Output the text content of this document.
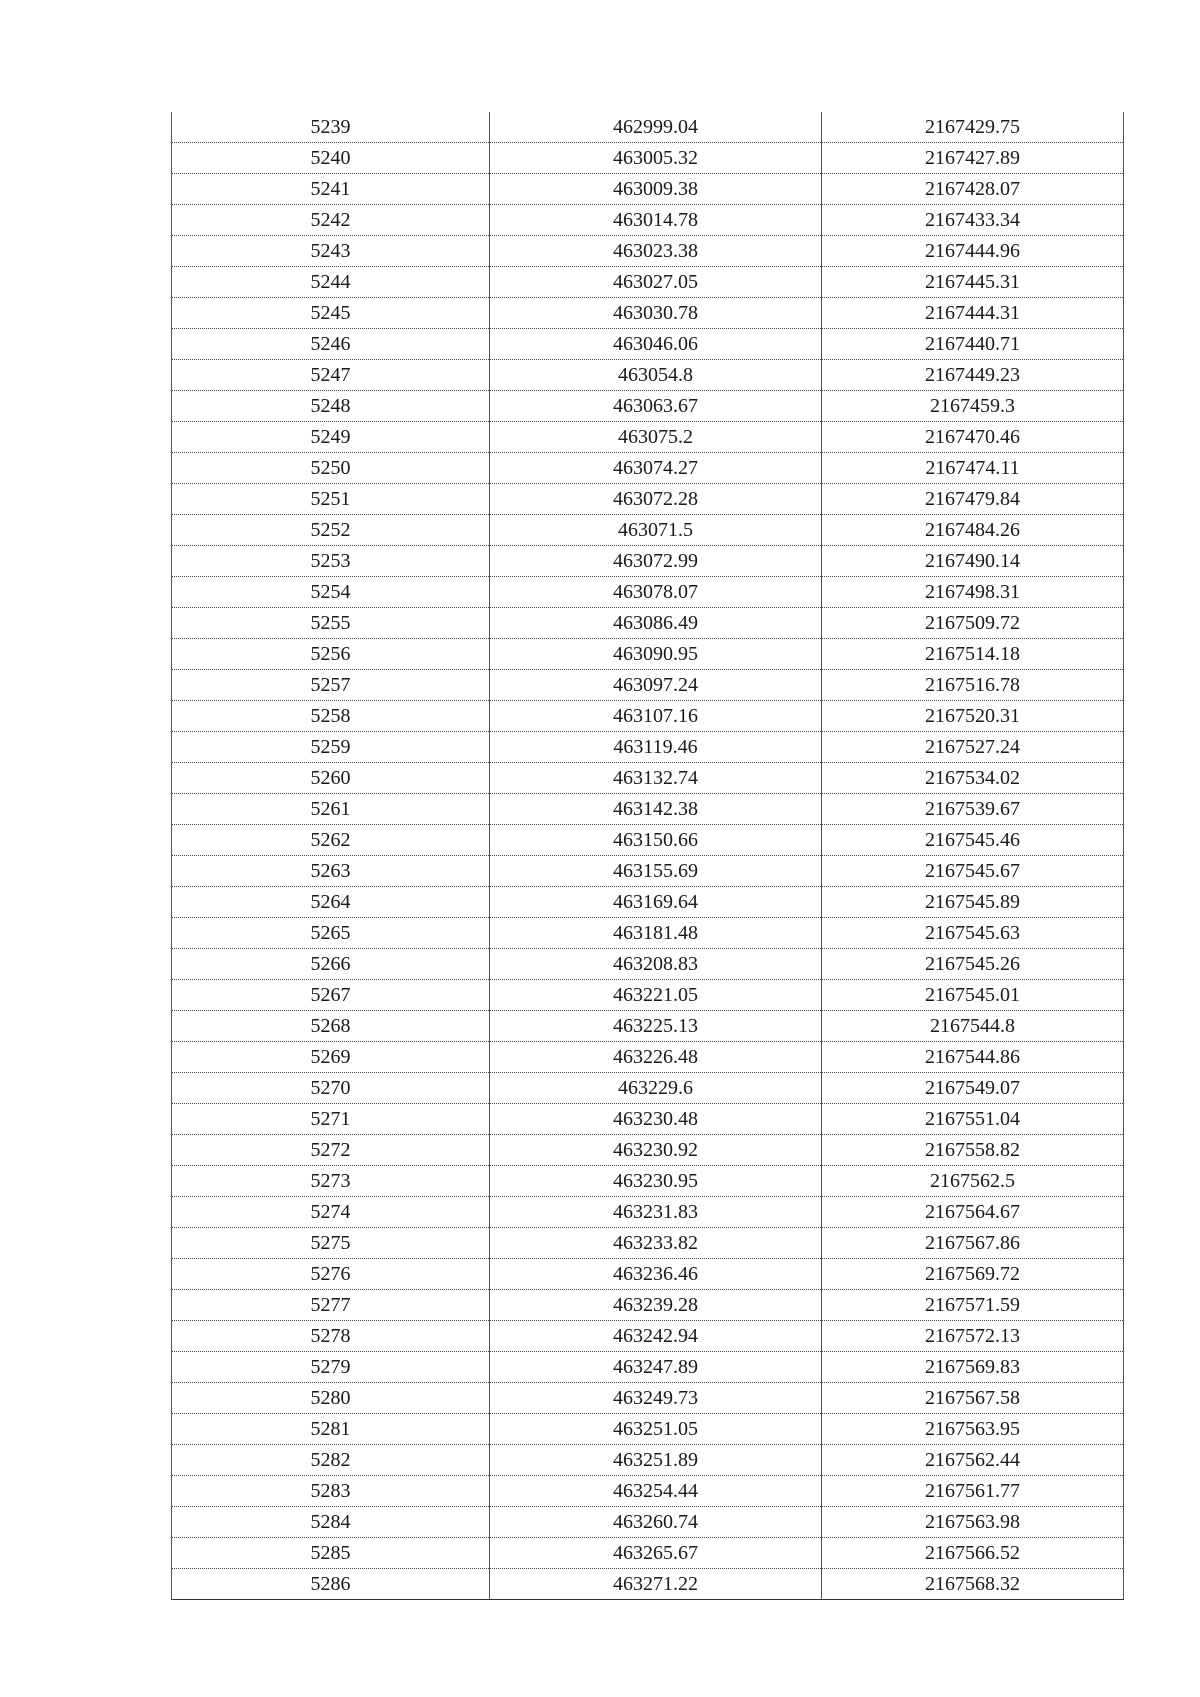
5239	462999.04	2167429.75
5240	463005.32	2167427.89
5241	463009.38	2167428.07
5242	463014.78	2167433.34
5243	463023.38	2167444.96
5244	463027.05	2167445.31
5245	463030.78	2167444.31
5246	463046.06	2167440.71
5247	463054.8	2167449.23
5248	463063.67	2167459.3
5249	463075.2	2167470.46
5250	463074.27	2167474.11
5251	463072.28	2167479.84
5252	463071.5	2167484.26
5253	463072.99	2167490.14
5254	463078.07	2167498.31
5255	463086.49	2167509.72
5256	463090.95	2167514.18
5257	463097.24	2167516.78
5258	463107.16	2167520.31
5259	463119.46	2167527.24
5260	463132.74	2167534.02
5261	463142.38	2167539.67
5262	463150.66	2167545.46
5263	463155.69	2167545.67
5264	463169.64	2167545.89
5265	463181.48	2167545.63
5266	463208.83	2167545.26
5267	463221.05	2167545.01
5268	463225.13	2167544.8
5269	463226.48	2167544.86
5270	463229.6	2167549.07
5271	463230.48	2167551.04
5272	463230.92	2167558.82
5273	463230.95	2167562.5
5274	463231.83	2167564.67
5275	463233.82	2167567.86
5276	463236.46	2167569.72
5277	463239.28	2167571.59
5278	463242.94	2167572.13
5279	463247.89	2167569.83
5280	463249.73	2167567.58
5281	463251.05	2167563.95
5282	463251.89	2167562.44
5283	463254.44	2167561.77
5284	463260.74	2167563.98
5285	463265.67	2167566.52
5286	463271.22	2167568.32
